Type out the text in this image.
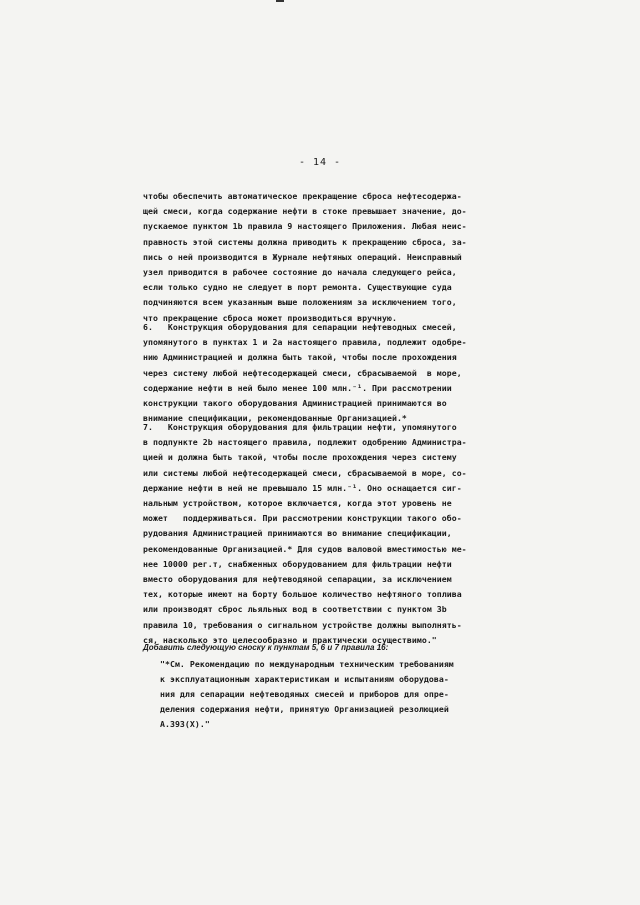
- 14 -
чтобы обеспечить автоматическое прекращение сброса нефтесодержа-
щей смеси, когда содержание нефти в стоке превышает значение, до-
пускаемое пунктом 1b правила 9 настоящего Приложения. Любая неис-
правность этой системы должна приводить к прекращению сброса, за-
пись о ней производится в Журнале нефтяных операций. Неисправный
узел приводится в рабочее состояние до начала следующего рейса,
если только судно не следует в порт ремонта. Существующие суда
подчиняются всем указанным выше положениям за исключением того,
что прекращение сброса может производиться вручную.
6.   Конструкция оборудования для сепарации нефтеводных смесей,
упомянутого в пунктах 1 и 2a настоящего правила, подлежит одобре-
нию Администрацией и должна быть такой, чтобы после прохождения
через систему любой нефтесодержащей смеси, сбрасываемой  в море,
содержание нефти в ней было менее 100 млн.⁻¹. При рассмотрении
конструкции такого оборудования Администрацией принимаются во
внимание спецификации, рекомендованные Организацией.*
7.   Конструкция оборудования для фильтрации нефти, упомянутого
в подпункте 2b настоящего правила, подлежит одобрению Администра-
цией и должна быть такой, чтобы после прохождения через систему
или системы любой нефтесодержащей смеси, сбрасываемой в море, со-
держание нефти в ней не превышало 15 млн.⁻¹. Оно оснащается сиг-
нальным устройством, которое включается, когда этот уровень не
может   поддерживаться. При рассмотрении конструкции такого обо-
рудования Администрацией принимаются во внимание спецификации,
рекомендованные Организацией.* Для судов валовой вместимостью ме-
нее 10000 рег.т, снабженных оборудованием для фильтрации нефти
вместо оборудования для нефтеводяной сепарации, за исключением
тех, которые имеют на борту большое количество нефтяного топлива
или производят сброс льяльных вод в соответствии с пунктом 3b
правила 10, требования о сигнальном устройстве должны выполнять-
ся, насколько это целесообразно и практически осуществимо."
Добавить следующую сноску к пунктам 5, 6 и 7 правила 16:
"*См. Рекомендацию по международным техническим требованиям
к эксплуатационным характеристикам и испытаниям оборудова-
ния для сепарации нефтеводяных смесей и приборов для опре-
деления содержания нефти, принятую Организацией резолюцией
A.393(X)."
